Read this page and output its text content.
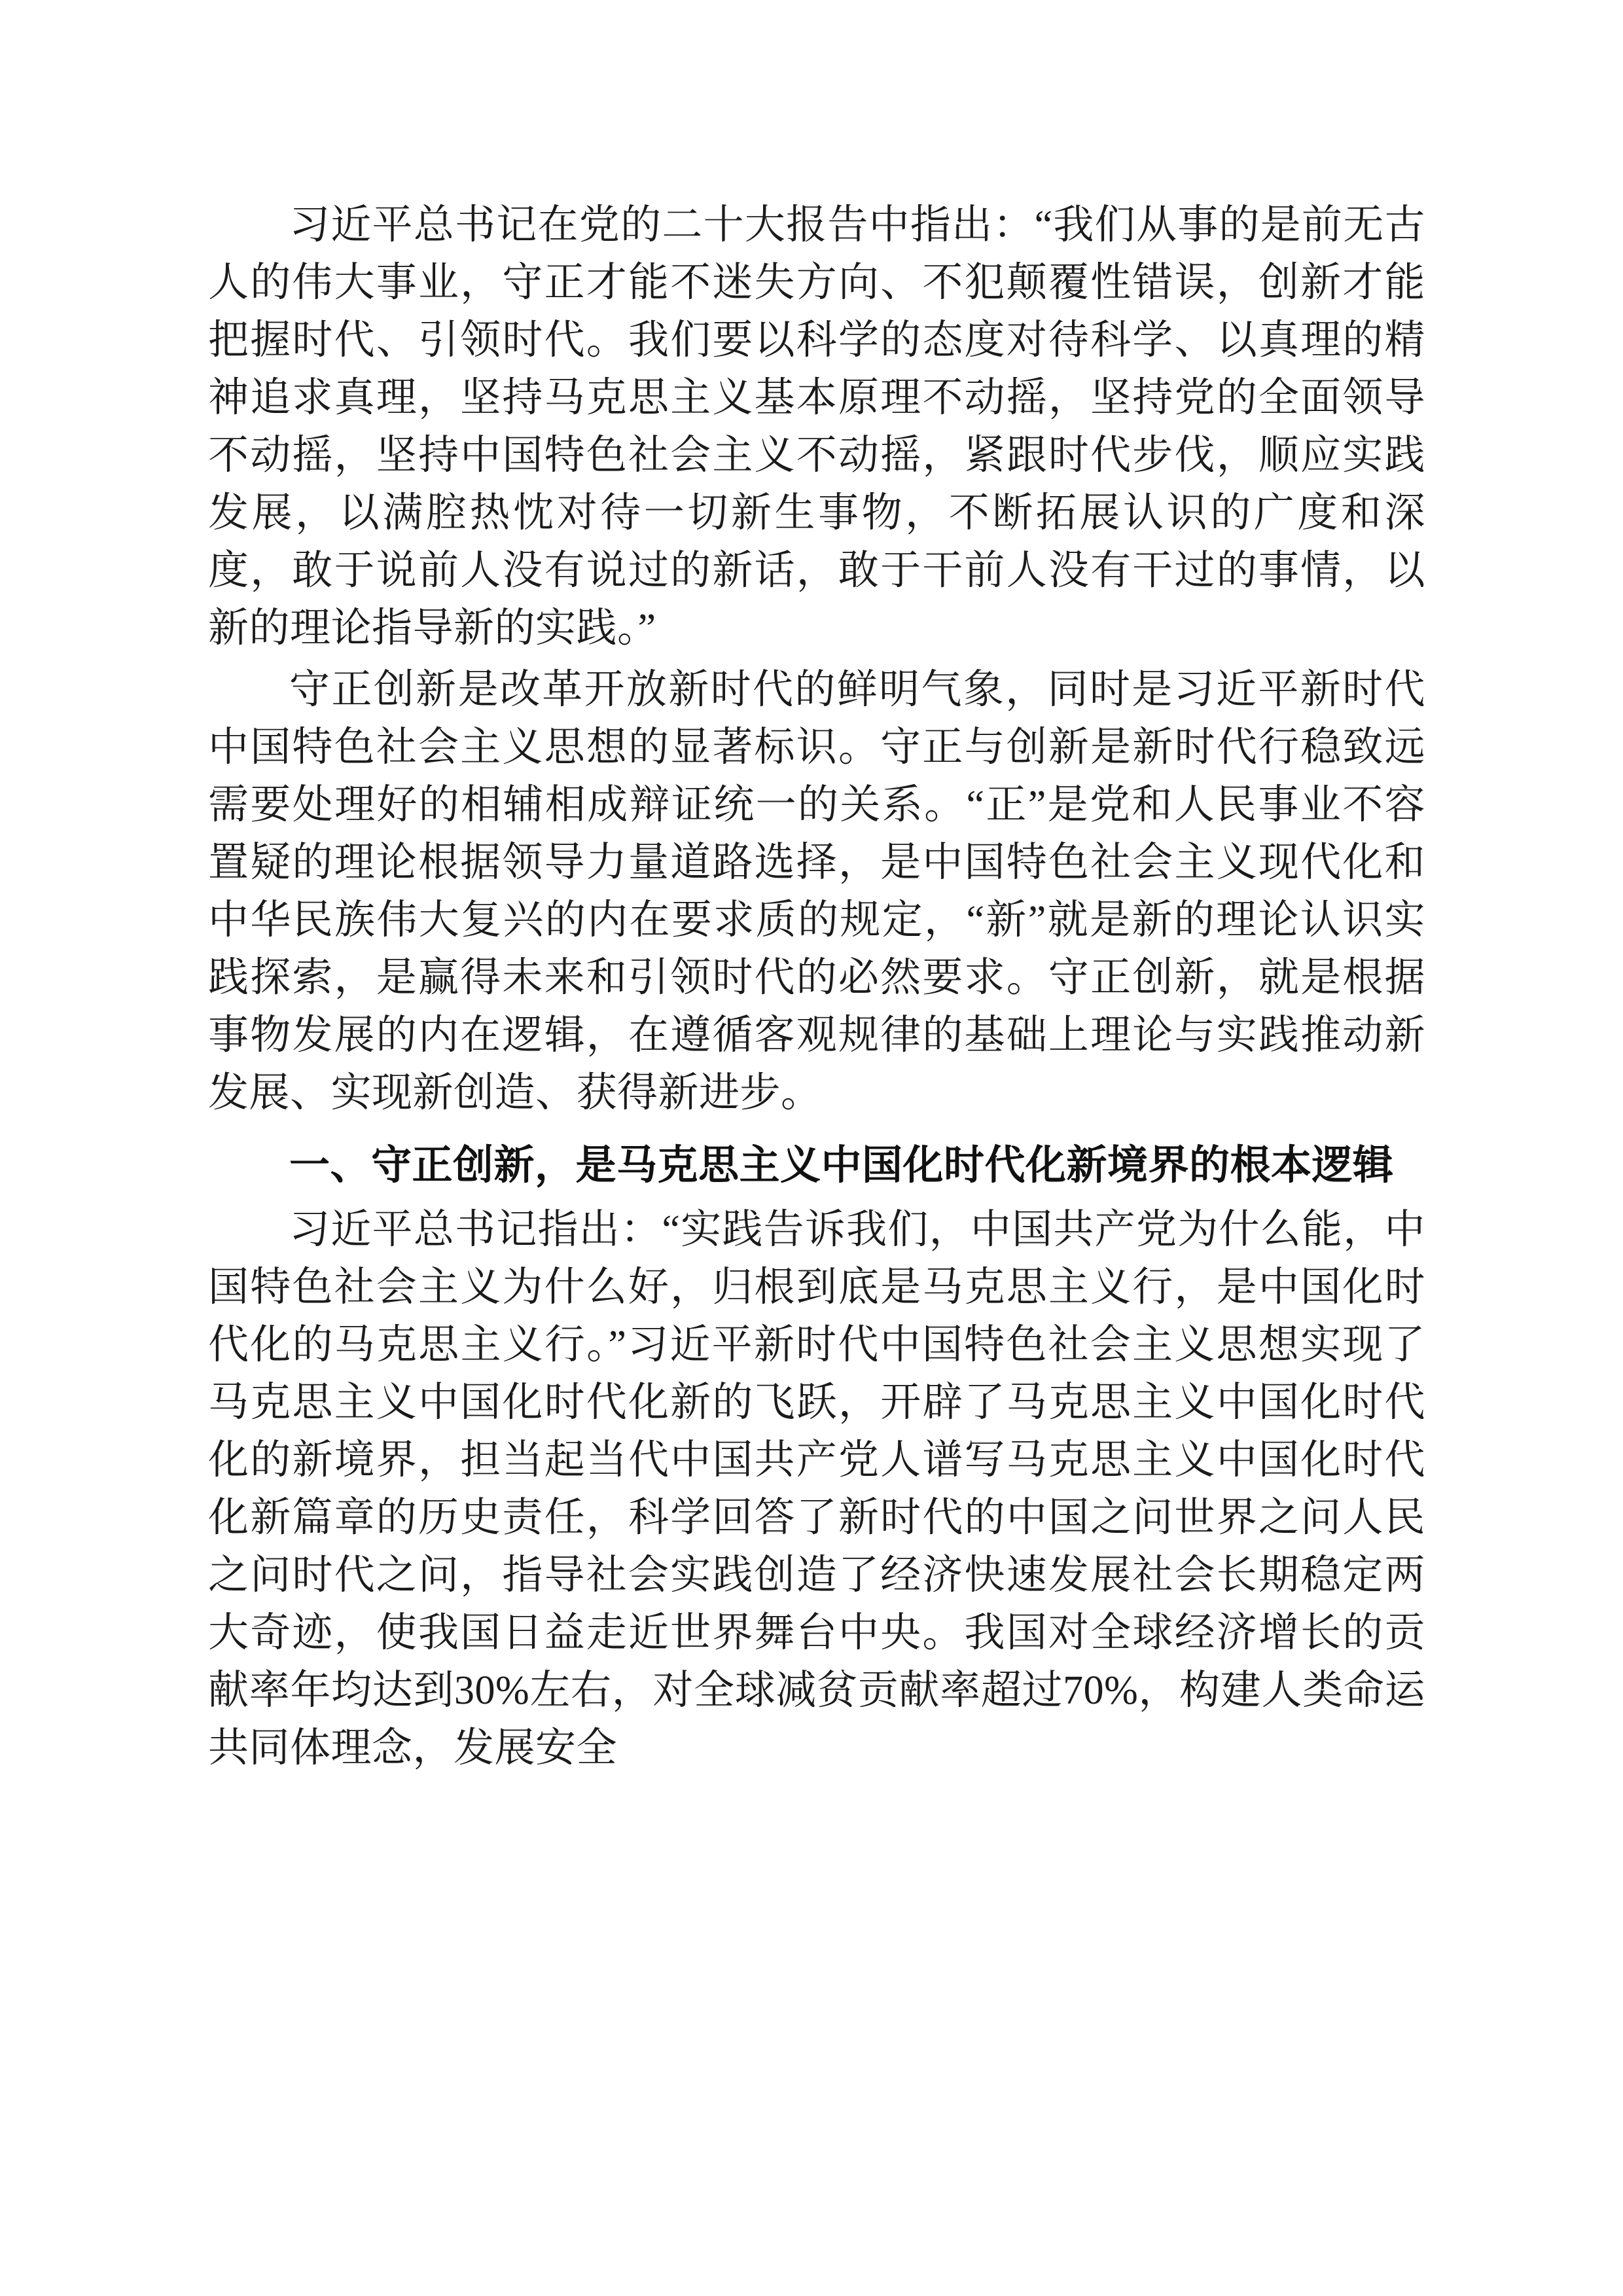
习近平总书记在党的二十大报告中指出：“我们从事的是前无古人的伟大事业，守正才能不迷失方向、不犯颠覆性错误，创新才能把握时代、引领时代。我们要以科学的态度对待科学、以真理的精神追求真理，坚持马克思主义基本原理不动摇，坚持党的全面领导不动摇，坚持中国特色社会主义不动摇，紧跟时代步伐，顺应实践发展，以满腔热忱对待一切新生事物，不断拓展认识的广度和深度，敢于说前人没有说过的新话，敢于干前人没有干过的事情，以新的理论指导新的实践。”

守正创新是改革开放新时代的鲜明气象，同时是习近平新时代中国特色社会主义思想的显著标识。守正与创新是新时代行稳致远需要处理好的相辅相成辩证统一的关系。“正”是党和人民事业不容置疑的理论根据领导力量道路选择，是中国特色社会主义现代化和中华民族伟大复兴的内在要求质的规定，“新”就是新的理论认识实践探索，是赢得未来和引领时代的必然要求。守正创新，就是根据事物发展的内在逻辑，在遵循客观规律的基础上理论与实践推动新发展、实现新创造、获得新进步。

一、守正创新，是马克思主义中国化时代化新境界的根本逻辑

习近平总书记指出：“实践告诉我们，中国共产党为什么能，中国特色社会主义为什么好，归根到底是马克思主义行，是中国化时代化的马克思主义行。”习近平新时代中国特色社会主义思想实现了马克思主义中国化时代化新的飞跃，开辟了马克思主义中国化时代化的新境界，担当起当代中国共产党人谱写马克思主义中国化时代化新篇章的历史责任，科学回答了新时代的中国之问世界之问人民之问时代之问，指导社会实践创造了经济快速发展社会长期稳定两大奇迹，使我国日益走近世界舞台中央。我国对全球经济增长的贡献率年均达到30%左右，对全球减贫贡献率超过70%，构建人类命运共同体理念，发展安全
